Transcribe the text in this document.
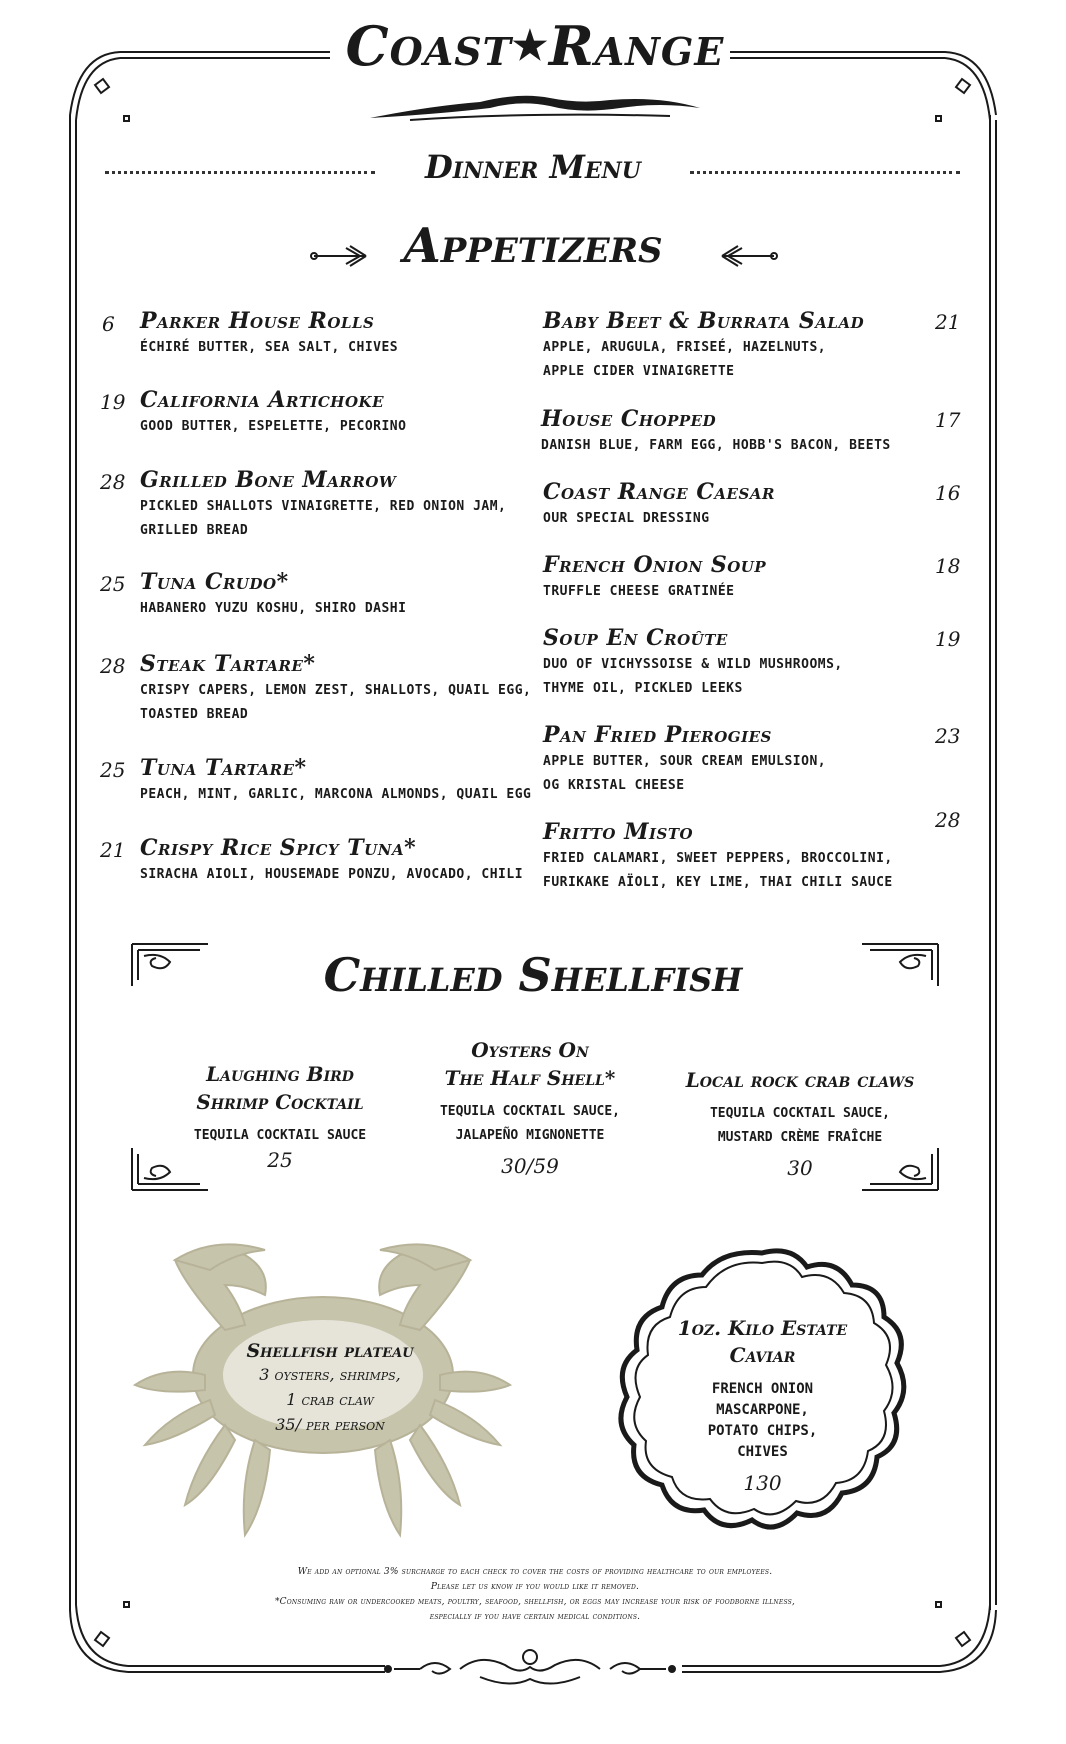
Coast★Range
Dinner Menu
Appetizers
6 Parker House Rolls
ÉCHIRÉ BUTTER, SEA SALT, CHIVES
19 California Artichoke
GOOD BUTTER, ESPELETTE, PECORINO
28 Grilled Bone Marrow
PICKLED SHALLOTS VINAIGRETTE, RED ONION JAM,
GRILLED BREAD
25 Tuna Crudo*
HABANERO YUZU KOSHU, SHIRO DASHI
28 Steak Tartare*
CRISPY CAPERS, LEMON ZEST, SHALLOTS, QUAIL EGG,
TOASTED BREAD
25 Tuna Tartare*
PEACH, MINT, GARLIC, MARCONA ALMONDS, QUAIL EGG
21 Crispy Rice Spicy Tuna*
SIRACHA AIOLI, HOUSEMADE PONZU, AVOCADO, CHILI
Baby Beet & Burrata Salad
APPLE, ARUGULA, FRISEÉ, HAZELNUTS,
APPLE CIDER VINAIGRETTE
21
House Chopped
DANISH BLUE, FARM EGG, HOBB'S BACON, BEETS
17
Coast Range Caesar
OUR SPECIAL DRESSING
16
French Onion Soup
TRUFFLE CHEESE GRATINÉE
18
Soup En Croûte
DUO OF VICHYSSOISE & WILD MUSHROOMS,
THYME OIL, PICKLED LEEKS
19
Pan Fried Pierogies
APPLE BUTTER, SOUR CREAM EMULSION,
OG KRISTAL CHEESE
23
Fritto Misto
FRIED CALAMARI, SWEET PEPPERS, BROCCOLINI,
FURIKAKE AÏOLI, KEY LIME, THAI CHILI SAUCE
28
Chilled Shellfish
Laughing Bird
Shrimp Cocktail
TEQUILA COCKTAIL SAUCE
25
Oysters On
The Half Shell*
TEQUILA COCKTAIL SAUCE,
JALAPEÑO MIGNONETTE
30/59
Local rock crab claws
TEQUILA COCKTAIL SAUCE,
MUSTARD CRÈME FRAÎCHE
30
Shellfish plateau
3 oysters, shrimps,
1 crab claw
35/ per person
1oz. Kilo Estate
Caviar
FRENCH ONION
MASCARPONE,
POTATO CHIPS,
CHIVES
130
We add an optional 3% surcharge to each check to cover the costs of providing healthcare to our employees.
Please let us know if you would like it removed.
*Consuming raw or undercooked meats, poultry, seafood, shellfish, or eggs may increase your risk of foodborne illness,
especially if you have certain medical conditions.
